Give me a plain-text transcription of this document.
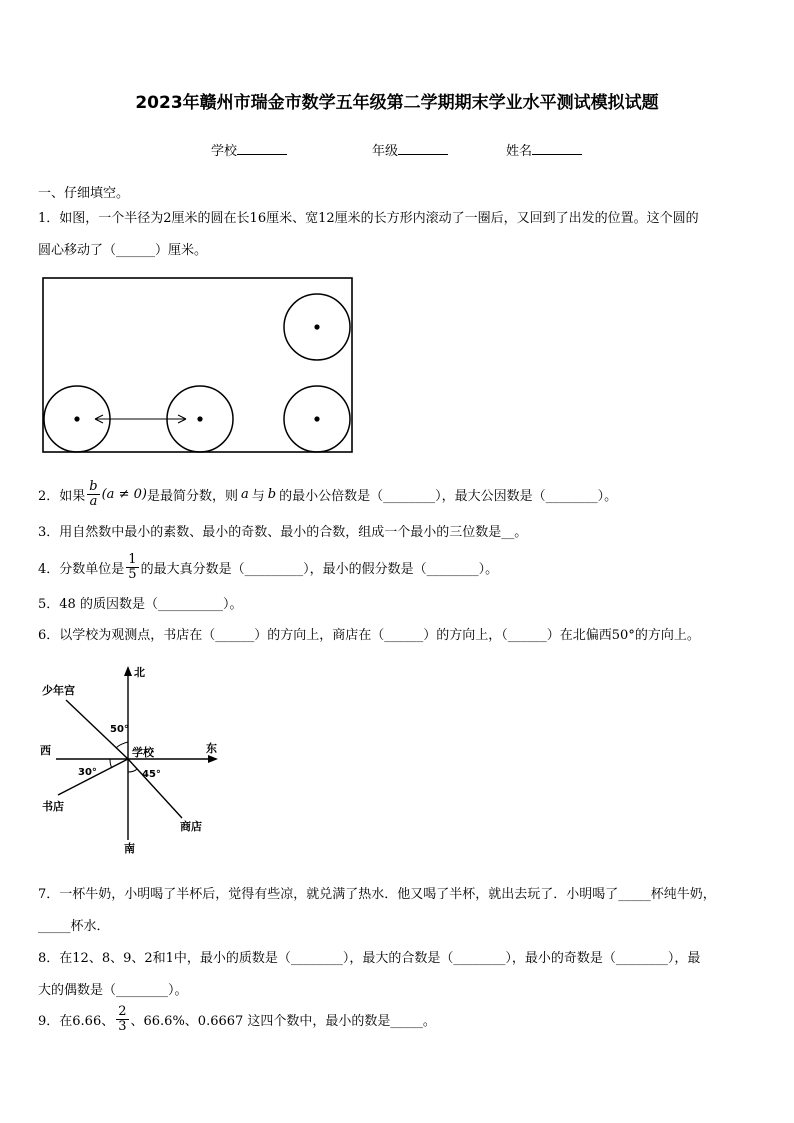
2023年赣州市瑞金市数学五年级第二学期期末学业水平测试模拟试题
学校	年级	姓名
一、仔细填空。
1．如图，一个半径为2厘米的圆在长16厘米、宽12厘米的长方形内滚动了一圈后，又回到了出发的位置。这个圆的
圆心移动了（______）厘米。
2．如果 $\frac{b}{a} (a \ne 0)$ 是最简分数，则 a 与 b 的最小公倍数是（________），最大公因数是（________）。
3．用自然数中最小的素数、最小的奇数、最小的合数，组成一个最小的三位数是__。
4．分数单位是 $\frac{1}{5}$ 的最大真分数是（_________），最小的假分数是（________）。
5．48 的质因数是（__________）。
6．以学校为观测点，书店在（______）的方向上，商店在（______）的方向上，（______）在北偏西50°的方向上。
北
南
东
西	学校
少年宫
书店
商店
50°
30°	45°
7．一杯牛奶，小明喝了半杯后，觉得有些凉，就兑满了热水．他又喝了半杯，就出去玩了．小明喝了_____杯纯牛奶，
_____杯水．
8．在12、8、9、2和1中，最小的质数是（________），最大的合数是（________），最小的奇数是（________），最
大的偶数是（________）。
9．在6.66、 $\frac{2}{3}$ 、66.6%、0.6667 这四个数中，最小的数是_____。
